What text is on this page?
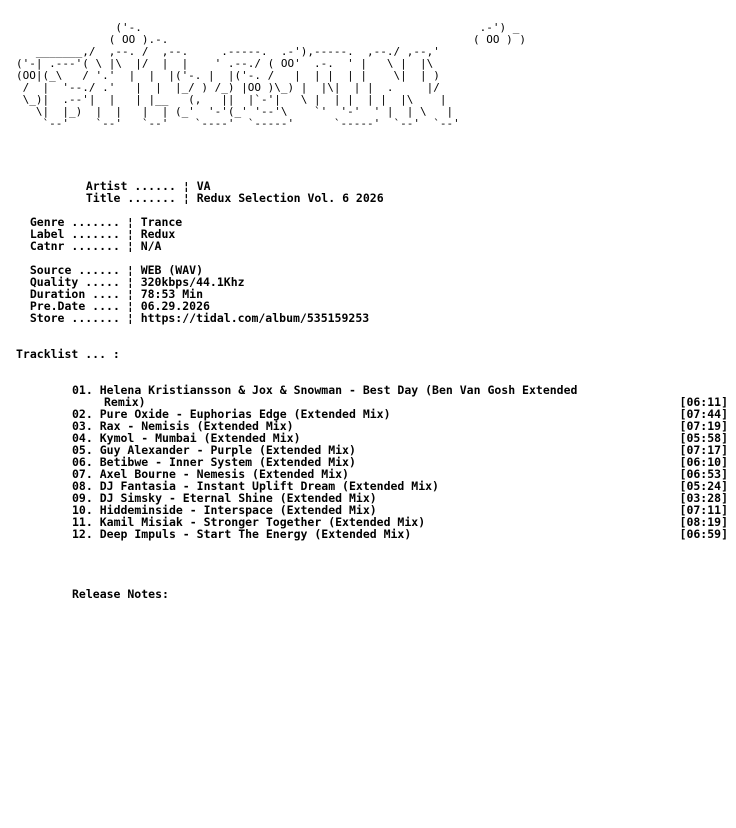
('-.                                                   .-') _
( OO ).-.                                              ( OO ) )
_______,/  ,--. /  ,--.     .-----.  .-'),-----.  ,--./ ,--,'
('-| .---'( \ |\  |/  |  |    ' .--./ ( OO'  .-.  ' |   \ |  |\
(OO|(_\   / '.'  |  |  |('-. |  |('-. /   |  | |  | |    \|  | )
/  |  '--./ .'   |  |  |_/ ) /_) |OO )\_) |  |\|  | |  .     |/
\_)|  .--'|  |   | |__   (,   ||  |`-'|   \ |  | |  | |  |\    |
\|  |_)  |  |   |  | (_'  '-'(_' '--'\    `'  '-'  ' |  | \   |
`--'    `--'   `--'    `----'  `-----'      `-----'  `--'  `--'

Artist ...... ¦ VA

Title ....... ¦ Redux Selection Vol. 6 2026

Genre ....... ¦ Trance

Label ....... ¦ Redux

Catnr ....... ¦ N/A

Source ...... ¦ WEB (WAV)

Quality ..... ¦ 320kbps/44.1Khz

Duration .... ¦ 78:53 Min

Pre.Date .... ¦ 06.29.2026

Store ....... ¦ https://tidal.com/album/535159253

Tracklist ... :
01. Helena Kristiansson & Jox & Snowman - Best Day (Ben Van Gosh Extended
Remix)	[06:11]
02. Pure Oxide - Euphorias Edge (Extended Mix)	[07:44]
03. Rax - Nemisis (Extended Mix)	[07:19]
04. Kymol - Mumbai (Extended Mix)	[05:58]
05. Guy Alexander - Purple (Extended Mix)	[07:17]
06. Betibwe - Inner System (Extended Mix)	[06:10]
07. Axel Bourne - Nemesis (Extended Mix)	[06:53]
08. DJ Fantasia - Instant Uplift Dream (Extended Mix)	[05:24]
09. DJ Simsky - Eternal Shine (Extended Mix)	[03:28]
10. Hiddeminside - Interspace (Extended Mix)	[07:11]
11. Kamil Misiak - Stronger Together (Extended Mix)	[08:19]
12. Deep Impuls - Start The Energy (Extended Mix)	[06:59]
Release Notes:
